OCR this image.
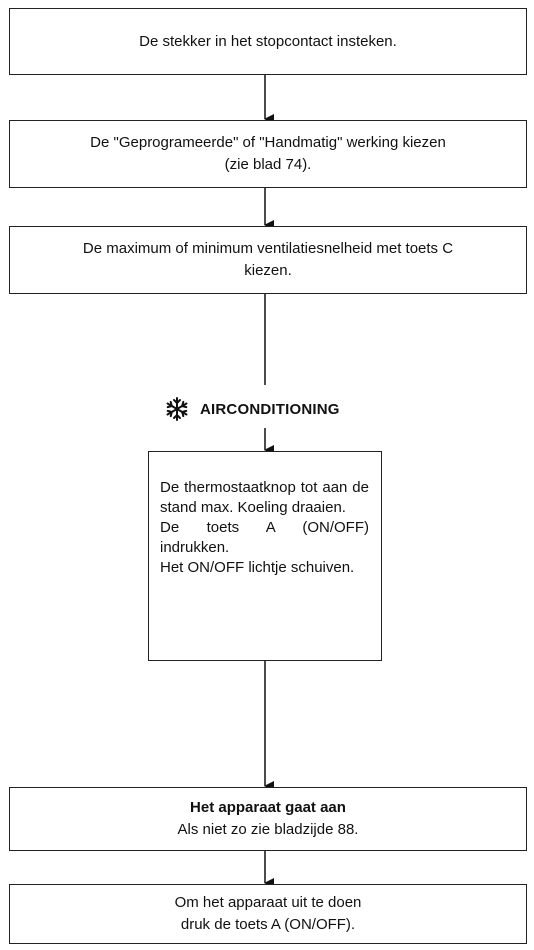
De stekker in het stopcontact insteken.
De "Geprogrameerde" of "Handmatig" werking kiezen
(zie blad 74).
De maximum of minimum ventilatiesnelheid met toets C
kiezen.
AIRCONDITIONING
De thermostaatknop tot aan de stand max. Koeling draaien.
De toets A (ON/OFF) indrukken.
Het ON/OFF lichtje schuiven.
Het apparaat gaat aan
Als niet zo zie bladzijde 88.
Om het apparaat uit te doen
druk de toets A (ON/OFF).
